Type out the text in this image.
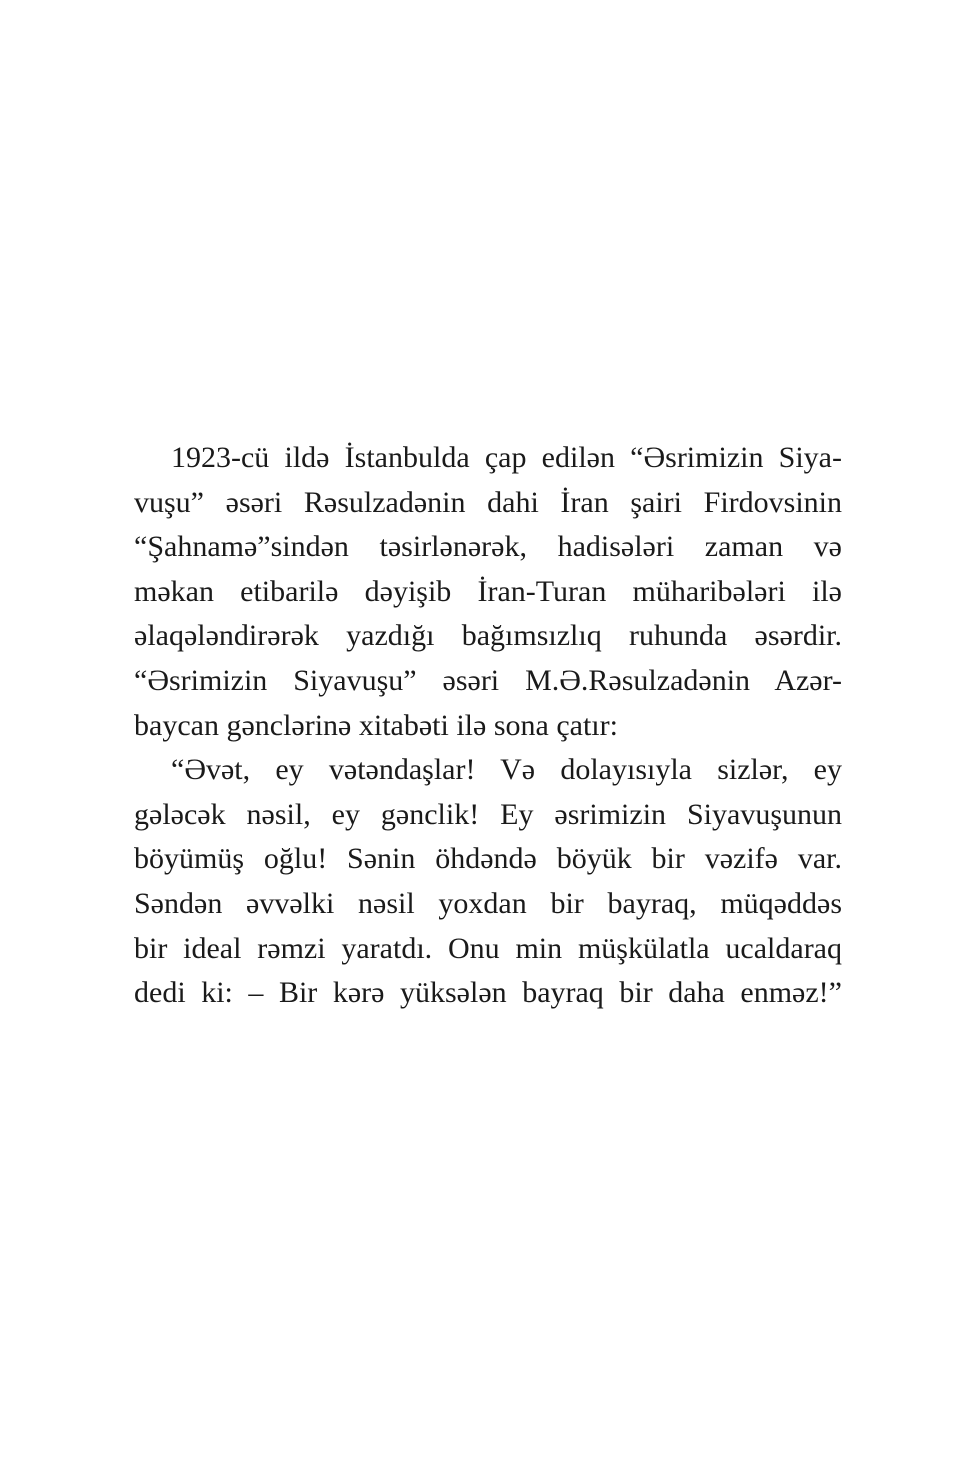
1923-cü ildə İstanbulda çap edilən “Əsrimizin Siya-
vuşu” əsəri Rəsulzadənin dahi İran şairi Firdovsinin
“Şahnamə”sindən təsirlənərək, hadisələri zaman və
məkan etibarilə dəyişib İran-Turan müharibələri ilə
əlaqələndirərək yazdığı bağımsızlıq ruhunda əsərdir.
“Əsrimizin Siyavuşu” əsəri M.Ə.Rəsulzadənin Azər-
baycan gənclərinə xitabəti ilə sona çatır:
“Əvət, ey vətəndaşlar! Və dolayısıyla sizlər, ey
gələcək nəsil, ey gənclik! Ey əsrimizin Siyavuşunun
böyümüş oğlu! Sənin öhdəndə böyük bir vəzifə var.
Səndən əvvəlki nəsil yoxdan bir bayraq, müqəddəs
bir ideal rəmzi yaratdı. Onu min müşkülatla ucaldaraq
dedi ki: – Bir kərə yüksələn bayraq bir daha enməz!”
